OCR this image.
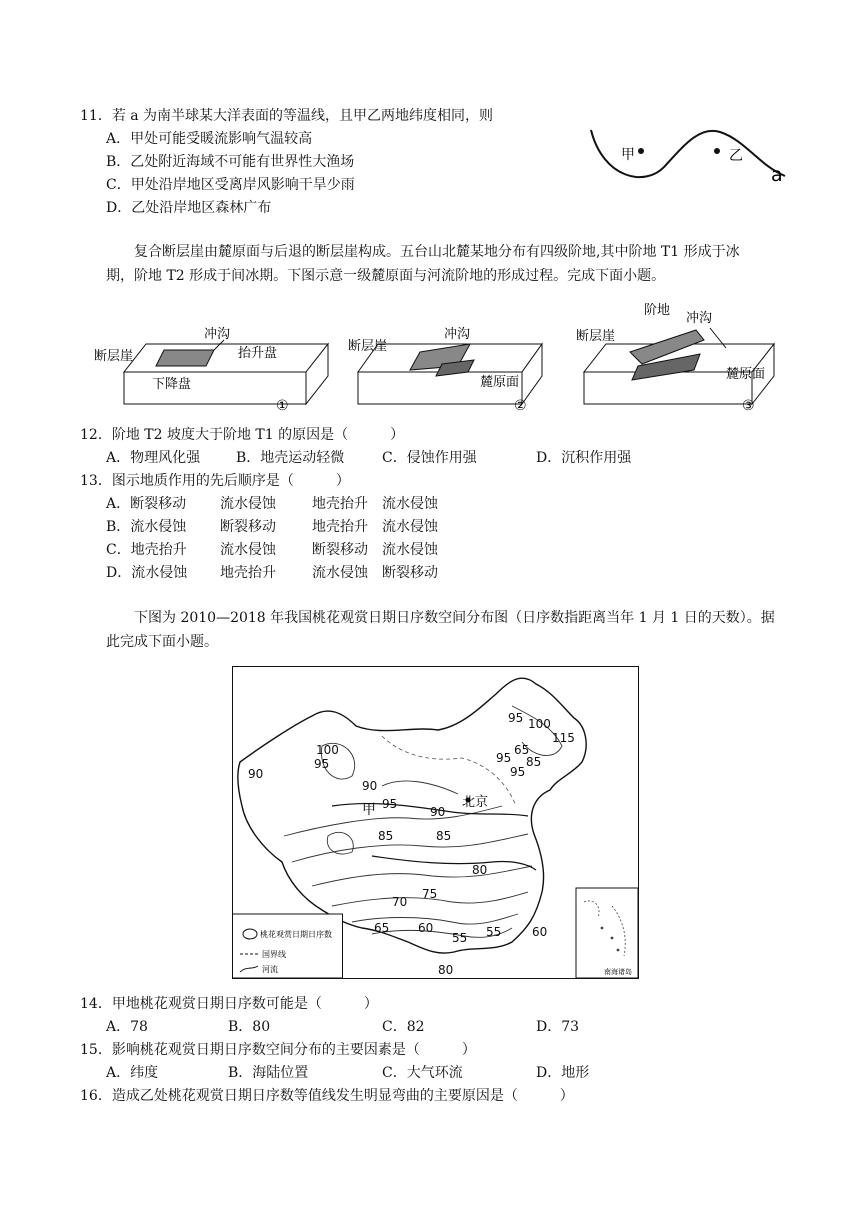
11．若 a 为南半球某大洋表面的等温线，且甲乙两地纬度相同，则
A．甲处可能受暖流影响气温较高
B．乙处附近海域不可能有世界性大渔场
C．甲处沿岸地区受离岸风影响干旱少雨
D．乙处沿岸地区森林广布
甲	乙
a
复合断层崖由麓原面与后退的断层崖构成。五台山北麓某地分布有四级阶地,其中阶地 T1 形成于冰
期，阶地 T2 形成于间冰期。下图示意一级麓原面与河流阶地的形成过程。完成下面小题。
断层崖
冲沟
抬升盘
下降盘
①
断层崖
冲沟
麓原面
②
断层崖
阶地
冲沟
麓原面
③
12．阶地 T2 坡度大于阶地 T1 的原因是（　　　）
A．物理风化强	B．地壳运动轻微	C．侵蚀作用强	D．沉积作用强
13．图示地质作用的先后顺序是（　　　）
A．断裂移动 流水侵蚀	地壳抬升 流水侵蚀
B．流水侵蚀 断裂移动	地壳抬升 流水侵蚀
C．地壳抬升 流水侵蚀	断裂移动 流水侵蚀
D．流水侵蚀 地壳抬升	流水侵蚀 断裂移动
下图为 2010—2018 年我国桃花观赏日期日序数空间分布图（日序数指距离当年 1 月 1 日的天数）。据
此完成下面小题。
95 100
115
65
85
95
95
100
95
90
90
95
90
85
85
80
75
70
65 60
55 55	60
80
甲	北京
桃花观赏日期日序数
国界线
河流	南海诸岛
14．甲地桃花观赏日期日序数可能是（　　　）
A．78	B．80	C．82	D．73
15．影响桃花观赏日期日序数空间分布的主要因素是（　　　）
A．纬度	B．海陆位置	C．大气环流	D．地形
16．造成乙处桃花观赏日期日序数等值线发生明显弯曲的主要原因是（　　　）
